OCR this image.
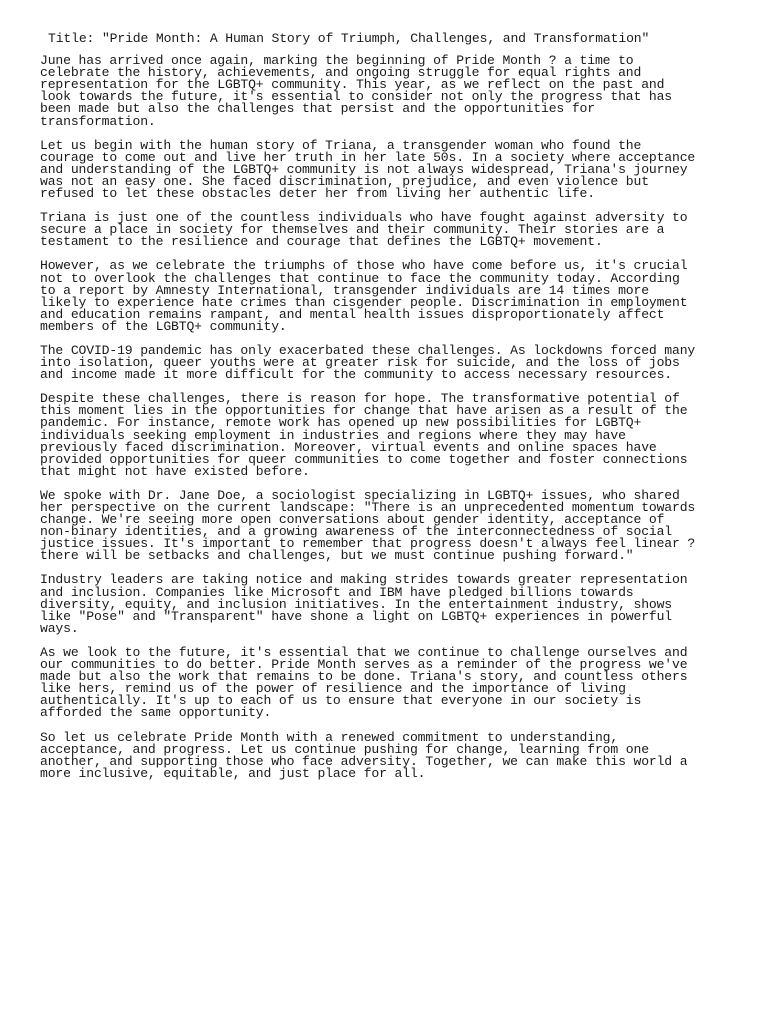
Title: "Pride Month: A Human Story of Triumph, Challenges, and Transformation"
June has arrived once again, marking the beginning of Pride Month ? a time to
celebrate the history, achievements, and ongoing struggle for equal rights and
representation for the LGBTQ+ community. This year, as we reflect on the past and
look towards the future, it's essential to consider not only the progress that has
been made but also the challenges that persist and the opportunities for
transformation.
Let us begin with the human story of Triana, a transgender woman who found the
courage to come out and live her truth in her late 50s. In a society where acceptance
and understanding of the LGBTQ+ community is not always widespread, Triana's journey
was not an easy one. She faced discrimination, prejudice, and even violence but
refused to let these obstacles deter her from living her authentic life.
Triana is just one of the countless individuals who have fought against adversity to
secure a place in society for themselves and their community. Their stories are a
testament to the resilience and courage that defines the LGBTQ+ movement.
However, as we celebrate the triumphs of those who have come before us, it's crucial
not to overlook the challenges that continue to face the community today. According
to a report by Amnesty International, transgender individuals are 14 times more
likely to experience hate crimes than cisgender people. Discrimination in employment
and education remains rampant, and mental health issues disproportionately affect
members of the LGBTQ+ community.
The COVID-19 pandemic has only exacerbated these challenges. As lockdowns forced many
into isolation, queer youths were at greater risk for suicide, and the loss of jobs
and income made it more difficult for the community to access necessary resources.
Despite these challenges, there is reason for hope. The transformative potential of
this moment lies in the opportunities for change that have arisen as a result of the
pandemic. For instance, remote work has opened up new possibilities for LGBTQ+
individuals seeking employment in industries and regions where they may have
previously faced discrimination. Moreover, virtual events and online spaces have
provided opportunities for queer communities to come together and foster connections
that might not have existed before.
We spoke with Dr. Jane Doe, a sociologist specializing in LGBTQ+ issues, who shared
her perspective on the current landscape: "There is an unprecedented momentum towards
change. We're seeing more open conversations about gender identity, acceptance of
non-binary identities, and a growing awareness of the interconnectedness of social
justice issues. It's important to remember that progress doesn't always feel linear ?
there will be setbacks and challenges, but we must continue pushing forward."
Industry leaders are taking notice and making strides towards greater representation
and inclusion. Companies like Microsoft and IBM have pledged billions towards
diversity, equity, and inclusion initiatives. In the entertainment industry, shows
like "Pose" and "Transparent" have shone a light on LGBTQ+ experiences in powerful
ways.
As we look to the future, it's essential that we continue to challenge ourselves and
our communities to do better. Pride Month serves as a reminder of the progress we've
made but also the work that remains to be done. Triana's story, and countless others
like hers, remind us of the power of resilience and the importance of living
authentically. It's up to each of us to ensure that everyone in our society is
afforded the same opportunity.
So let us celebrate Pride Month with a renewed commitment to understanding,
acceptance, and progress. Let us continue pushing for change, learning from one
another, and supporting those who face adversity. Together, we can make this world a
more inclusive, equitable, and just place for all.
